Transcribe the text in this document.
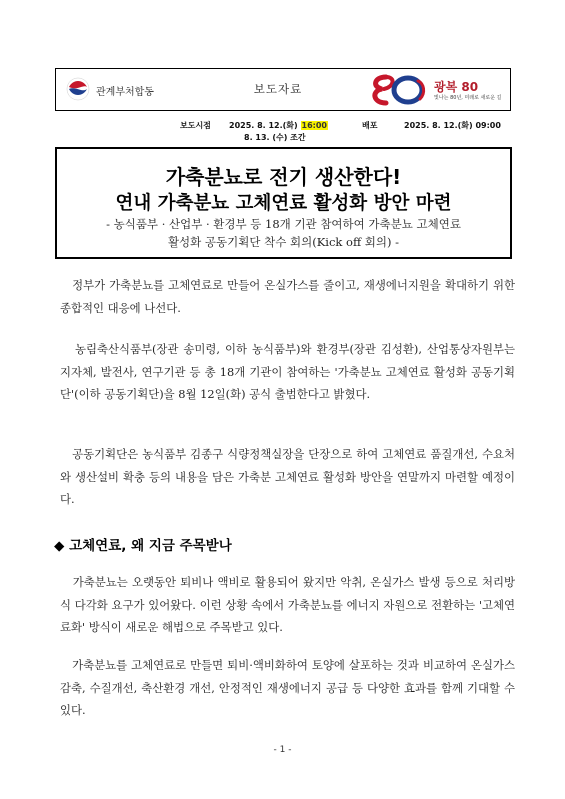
관계부처합동	보도자료	광복 80
빛나는 80년, 미래로 새로운 길
보도시점 2025. 8. 12.(화) 16:00
8. 13. (수) 조간
배포	2025. 8. 12.(화) 09:00
가축분뇨로 전기 생산한다!
연내 가축분뇨 고체연료 활성화 방안 마련
- 농식품부 · 산업부 · 환경부 등 18개 기관 참여하여 가축분뇨 고체연료
활성화 공동기획단 착수 회의(Kick off 회의) -
정부가 가축분뇨를 고체연료로 만들어 온실가스를 줄이고, 재생에너지원을 확대하기 위한 종합적인 대응에 나선다.
농림축산식품부(장관 송미령, 이하 농식품부)와 환경부(장관 김성환), 산업통상자원부는 지자체, 발전사, 연구기관 등 총 18개 기관이 참여하는 '가축분뇨 고체연료 활성화 공동기획단'(이하 공동기획단)을 8월 12일(화) 공식 출범한다고 밝혔다.
공동기획단은 농식품부 김종구 식량정책실장을 단장으로 하여 고체연료 품질개선, 수요처와 생산설비 확충 등의 내용을 담은 가축분 고체연료 활성화 방안을 연말까지 마련할 예정이다.
◆ 고체연료, 왜 지금 주목받나
가축분뇨는 오랫동안 퇴비나 액비로 활용되어 왔지만 악취, 온실가스 발생 등으로 처리방식 다각화 요구가 있어왔다. 이런 상황 속에서 가축분뇨를 에너지 자원으로 전환하는 '고체연료화' 방식이 새로운 해법으로 주목받고 있다.
가축분뇨를 고체연료로 만들면 퇴비·액비화하여 토양에 살포하는 것과 비교하여 온실가스 감축, 수질개선, 축산환경 개선, 안정적인 재생에너지 공급 등 다양한 효과를 함께 기대할 수 있다.
- 1 -
